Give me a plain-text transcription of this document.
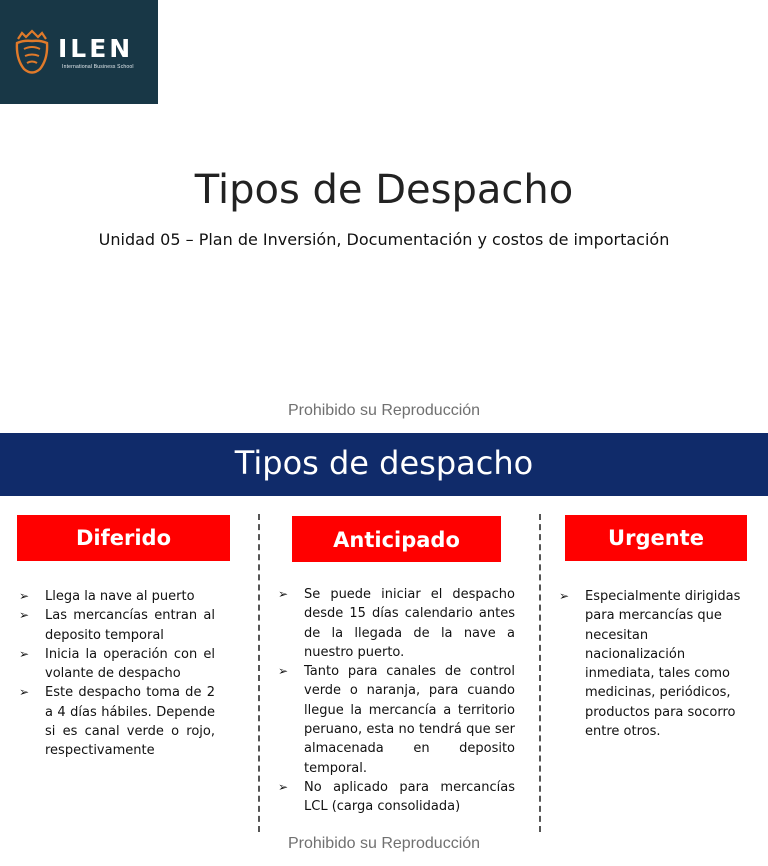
ILEN
International Business School
Tipos de Despacho
Unidad 05 – Plan de Inversión, Documentación y costos de importación
Prohibido su Reproducción
Tipos de despacho
Diferido	Anticipado	Urgente
➢ Llega la nave al puerto
➢ Las mercancías entran al deposito temporal
➢ Inicia la operación con el volante de despacho
➢ Este despacho toma de 2 a 4 días hábiles. Depende si es canal verde o rojo, respectivamente
➢ Se puede iniciar el despacho desde 15 días calendario antes de la llegada de la nave a nuestro puerto.
➢ Tanto para canales de control verde o naranja, para cuando llegue la mercancía a territorio peruano, esta no tendrá que ser almacenada en deposito temporal.
➢ No aplicado para mercancías LCL (carga consolidada)
➢ Especialmente dirigidas para mercancías que necesitan nacionalización inmediata, tales como medicinas, periódicos, productos para socorro entre otros.
Prohibido su Reproducción
